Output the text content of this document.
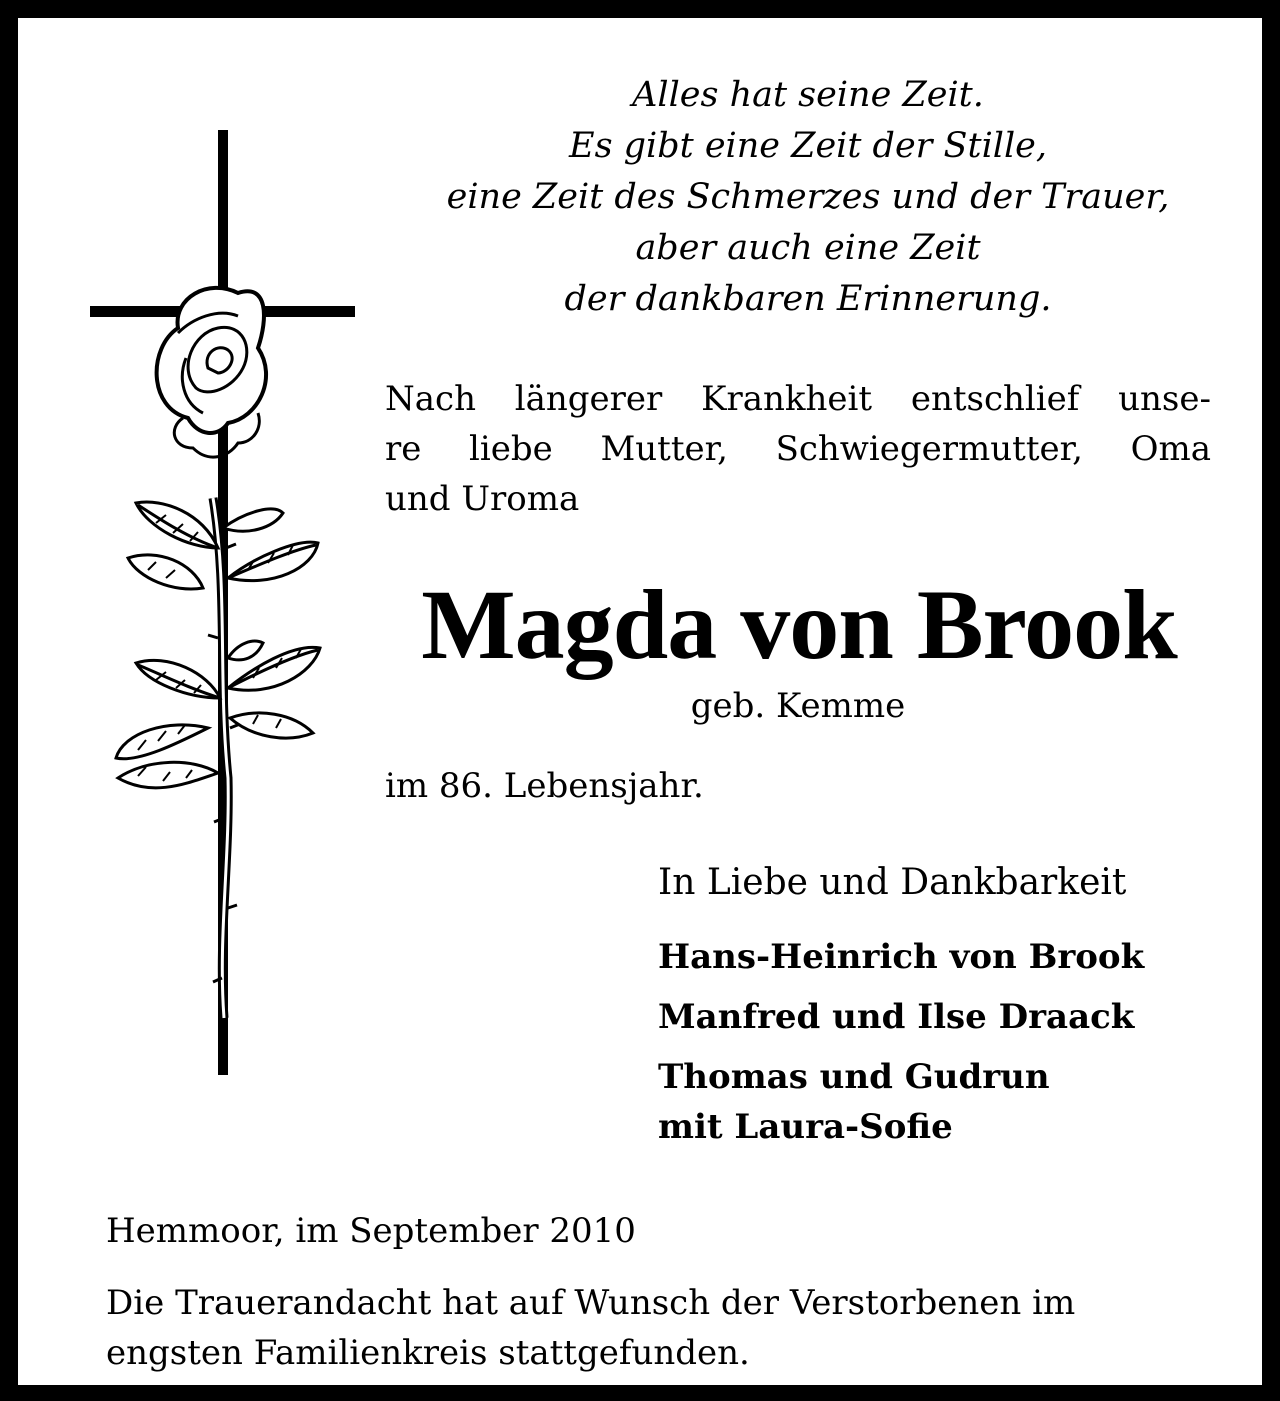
Alles hat seine Zeit.
Es gibt eine Zeit der Stille,
eine Zeit des Schmerzes und der Trauer,
aber auch eine Zeit
der dankbaren Erinnerung.
Nach längerer Krankheit entschlief unse-
re liebe Mutter, Schwiegermutter, Oma
und Uroma
Magda von Brook
geb. Kemme
im 86. Lebensjahr.
In Liebe und Dankbarkeit
Hans-Heinrich von Brook
Manfred und Ilse Draack
Thomas und Gudrun
mit Laura-Sofie
Hemmoor, im September 2010
Die Trauerandacht hat auf Wunsch der Verstorbenen im
engsten Familienkreis stattgefunden.
